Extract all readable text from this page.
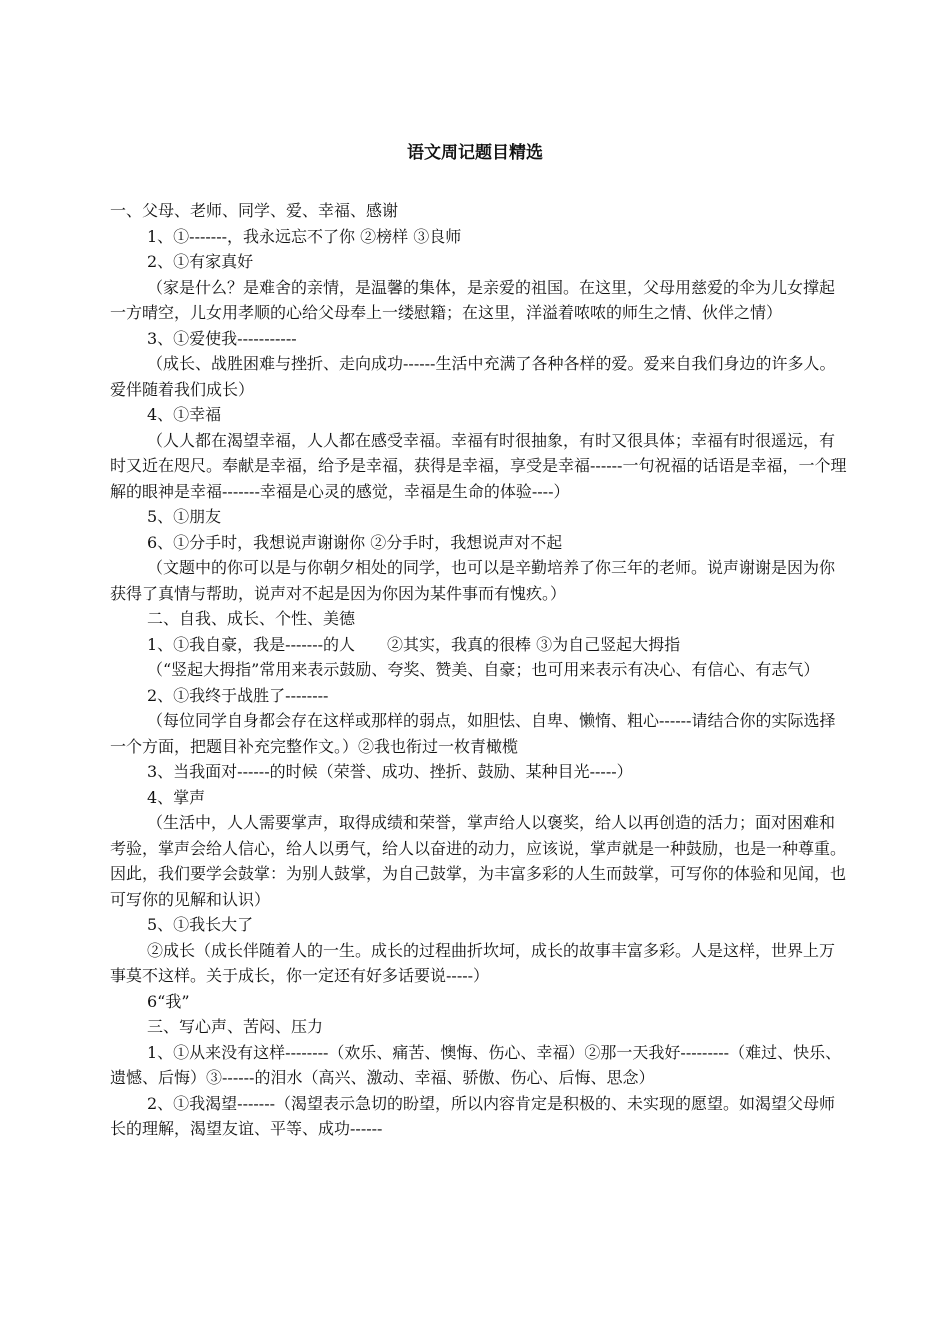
语文周记题目精选

一、父母、老师、同学、爱、幸福、感谢

1、①-------，我永远忘不了你 ②榜样 ③良师

2、①有家真好

（家是什么？是难舍的亲情，是温馨的集体，是亲爱的祖国。在这里，父母用慈爱的伞为儿女撑起一方晴空，儿女用孝顺的心给父母奉上一缕慰籍；在这里，洋溢着哝哝的师生之情、伙伴之情）

3、①爱使我-----------

（成长、战胜困难与挫折、走向成功------生活中充满了各种各样的爱。爱来自我们身边的许多人。爱伴随着我们成长）

4、①幸福

（人人都在渴望幸福，人人都在感受幸福。幸福有时很抽象，有时又很具体；幸福有时很遥远，有时又近在咫尺。奉献是幸福，给予是幸福，获得是幸福，享受是幸福------一句祝福的话语是幸福，一个理解的眼神是幸福-------幸福是心灵的感觉，幸福是生命的体验----）

5、①朋友

6、①分手时，我想说声谢谢你 ②分手时，我想说声对不起

（文题中的你可以是与你朝夕相处的同学，也可以是辛勤培养了你三年的老师。说声谢谢是因为你获得了真情与帮助，说声对不起是因为你因为某件事而有愧疚。）

二、自我、成长、个性、美德

1、①我自豪，我是-------的人　　②其实，我真的很棒 ③为自己竖起大拇指

（“竖起大拇指”常用来表示鼓励、夸奖、赞美、自豪；也可用来表示有决心、有信心、有志气）

2、①我终于战胜了--------

（每位同学自身都会存在这样或那样的弱点，如胆怯、自卑、懒惰、粗心------请结合你的实际选择一个方面，把题目补充完整作文。）②我也衔过一枚青橄榄

3、当我面对------的时候（荣誉、成功、挫折、鼓励、某种目光-----）

4、掌声

（生活中，人人需要掌声，取得成绩和荣誉，掌声给人以褒奖，给人以再创造的活力；面对困难和考验，掌声会给人信心，给人以勇气，给人以奋进的动力，应该说，掌声就是一种鼓励，也是一种尊重。因此，我们要学会鼓掌：为别人鼓掌，为自己鼓掌，为丰富多彩的人生而鼓掌，可写你的体验和见闻，也可写你的见解和认识）

5、①我长大了

②成长（成长伴随着人的一生。成长的过程曲折坎坷，成长的故事丰富多彩。人是这样，世界上万事莫不这样。关于成长，你一定还有好多话要说-----）

6“我”

三、写心声、苦闷、压力

1、①从来没有这样--------（欢乐、痛苦、懊悔、伤心、幸福）②那一天我好---------（难过、快乐、遗憾、后悔）③------的泪水（高兴、激动、幸福、骄傲、伤心、后悔、思念）

2、①我渴望-------（渴望表示急切的盼望，所以内容肯定是积极的、未实现的愿望。如渴望父母师长的理解，渴望友谊、平等、成功------
